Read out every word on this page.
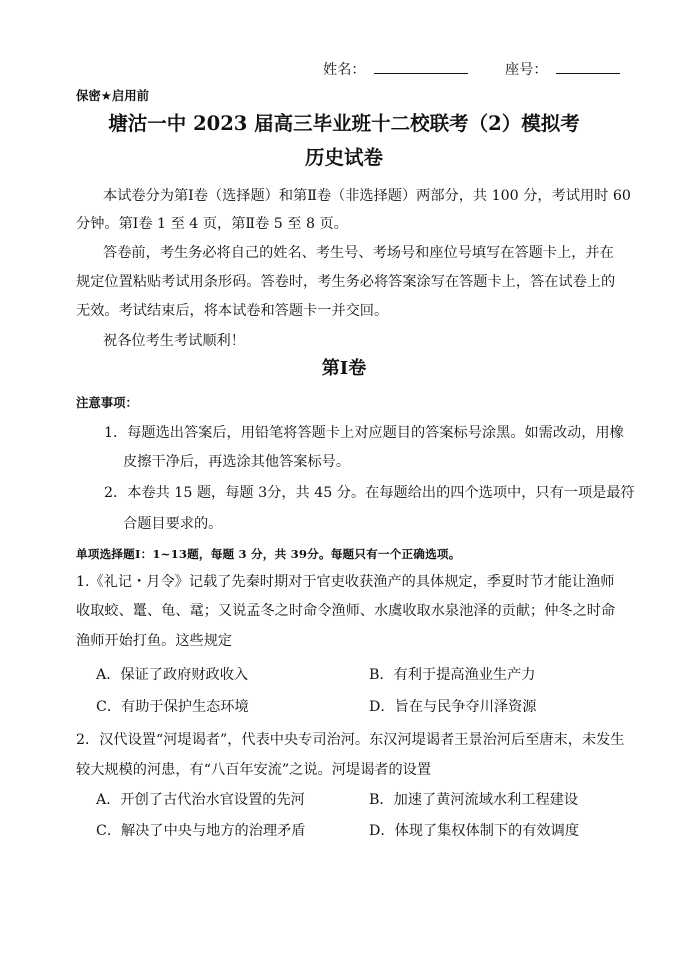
姓名：	座号：
保密★启用前
塘沽一中 2023 届高三毕业班十二校联考（2）模拟考
历史试卷
本试卷分为第Ⅰ卷（选择题）和第Ⅱ卷（非选择题）两部分，共 100 分，考试用时 60
分钟。第Ⅰ卷 1 至 4 页，第Ⅱ卷 5 至 8 页。
答卷前，考生务必将自己的姓名、考生号、考场号和座位号填写在答题卡上，并在
规定位置粘贴考试用条形码。答卷时，考生务必将答案涂写在答题卡上，答在试卷上的
无效。考试结束后，将本试卷和答题卡一并交回。
祝各位考生考试顺利！
第Ⅰ卷
注意事项：
1．每题选出答案后，用铅笔将答题卡上对应题目的答案标号涂黑。如需改动，用橡
皮擦干净后，再选涂其他答案标号。
2．本卷共 15 题，每题 3分，共 45 分。在每题给出的四个选项中，只有一项是最符
合题目要求的。
单项选择题Ⅰ：1~13题，每题 3 分，共 39分。每题只有一个正确选项。
1.《礼记・月令》记载了先秦时期对于官吏收获渔产的具体规定，季夏时节才能让渔师
收取蛟、鼍、龟、鼋；又说孟冬之时命令渔师、水虞收取水泉池泽的贡献；仲冬之时命
渔师开始打鱼。这些规定
A．保证了政府财政收入	B．有利于提高渔业生产力
C．有助于保护生态环境	D．旨在与民争夺川泽资源
2．汉代设置“河堤谒者”，代表中央专司治河。东汉河堤谒者王景治河后至唐末，未发生
较大规模的河患，有“八百年安流”之说。河堤谒者的设置
A．开创了古代治水官设置的先河	B．加速了黄河流域水利工程建设
C．解决了中央与地方的治理矛盾	D．体现了集权体制下的有效调度
